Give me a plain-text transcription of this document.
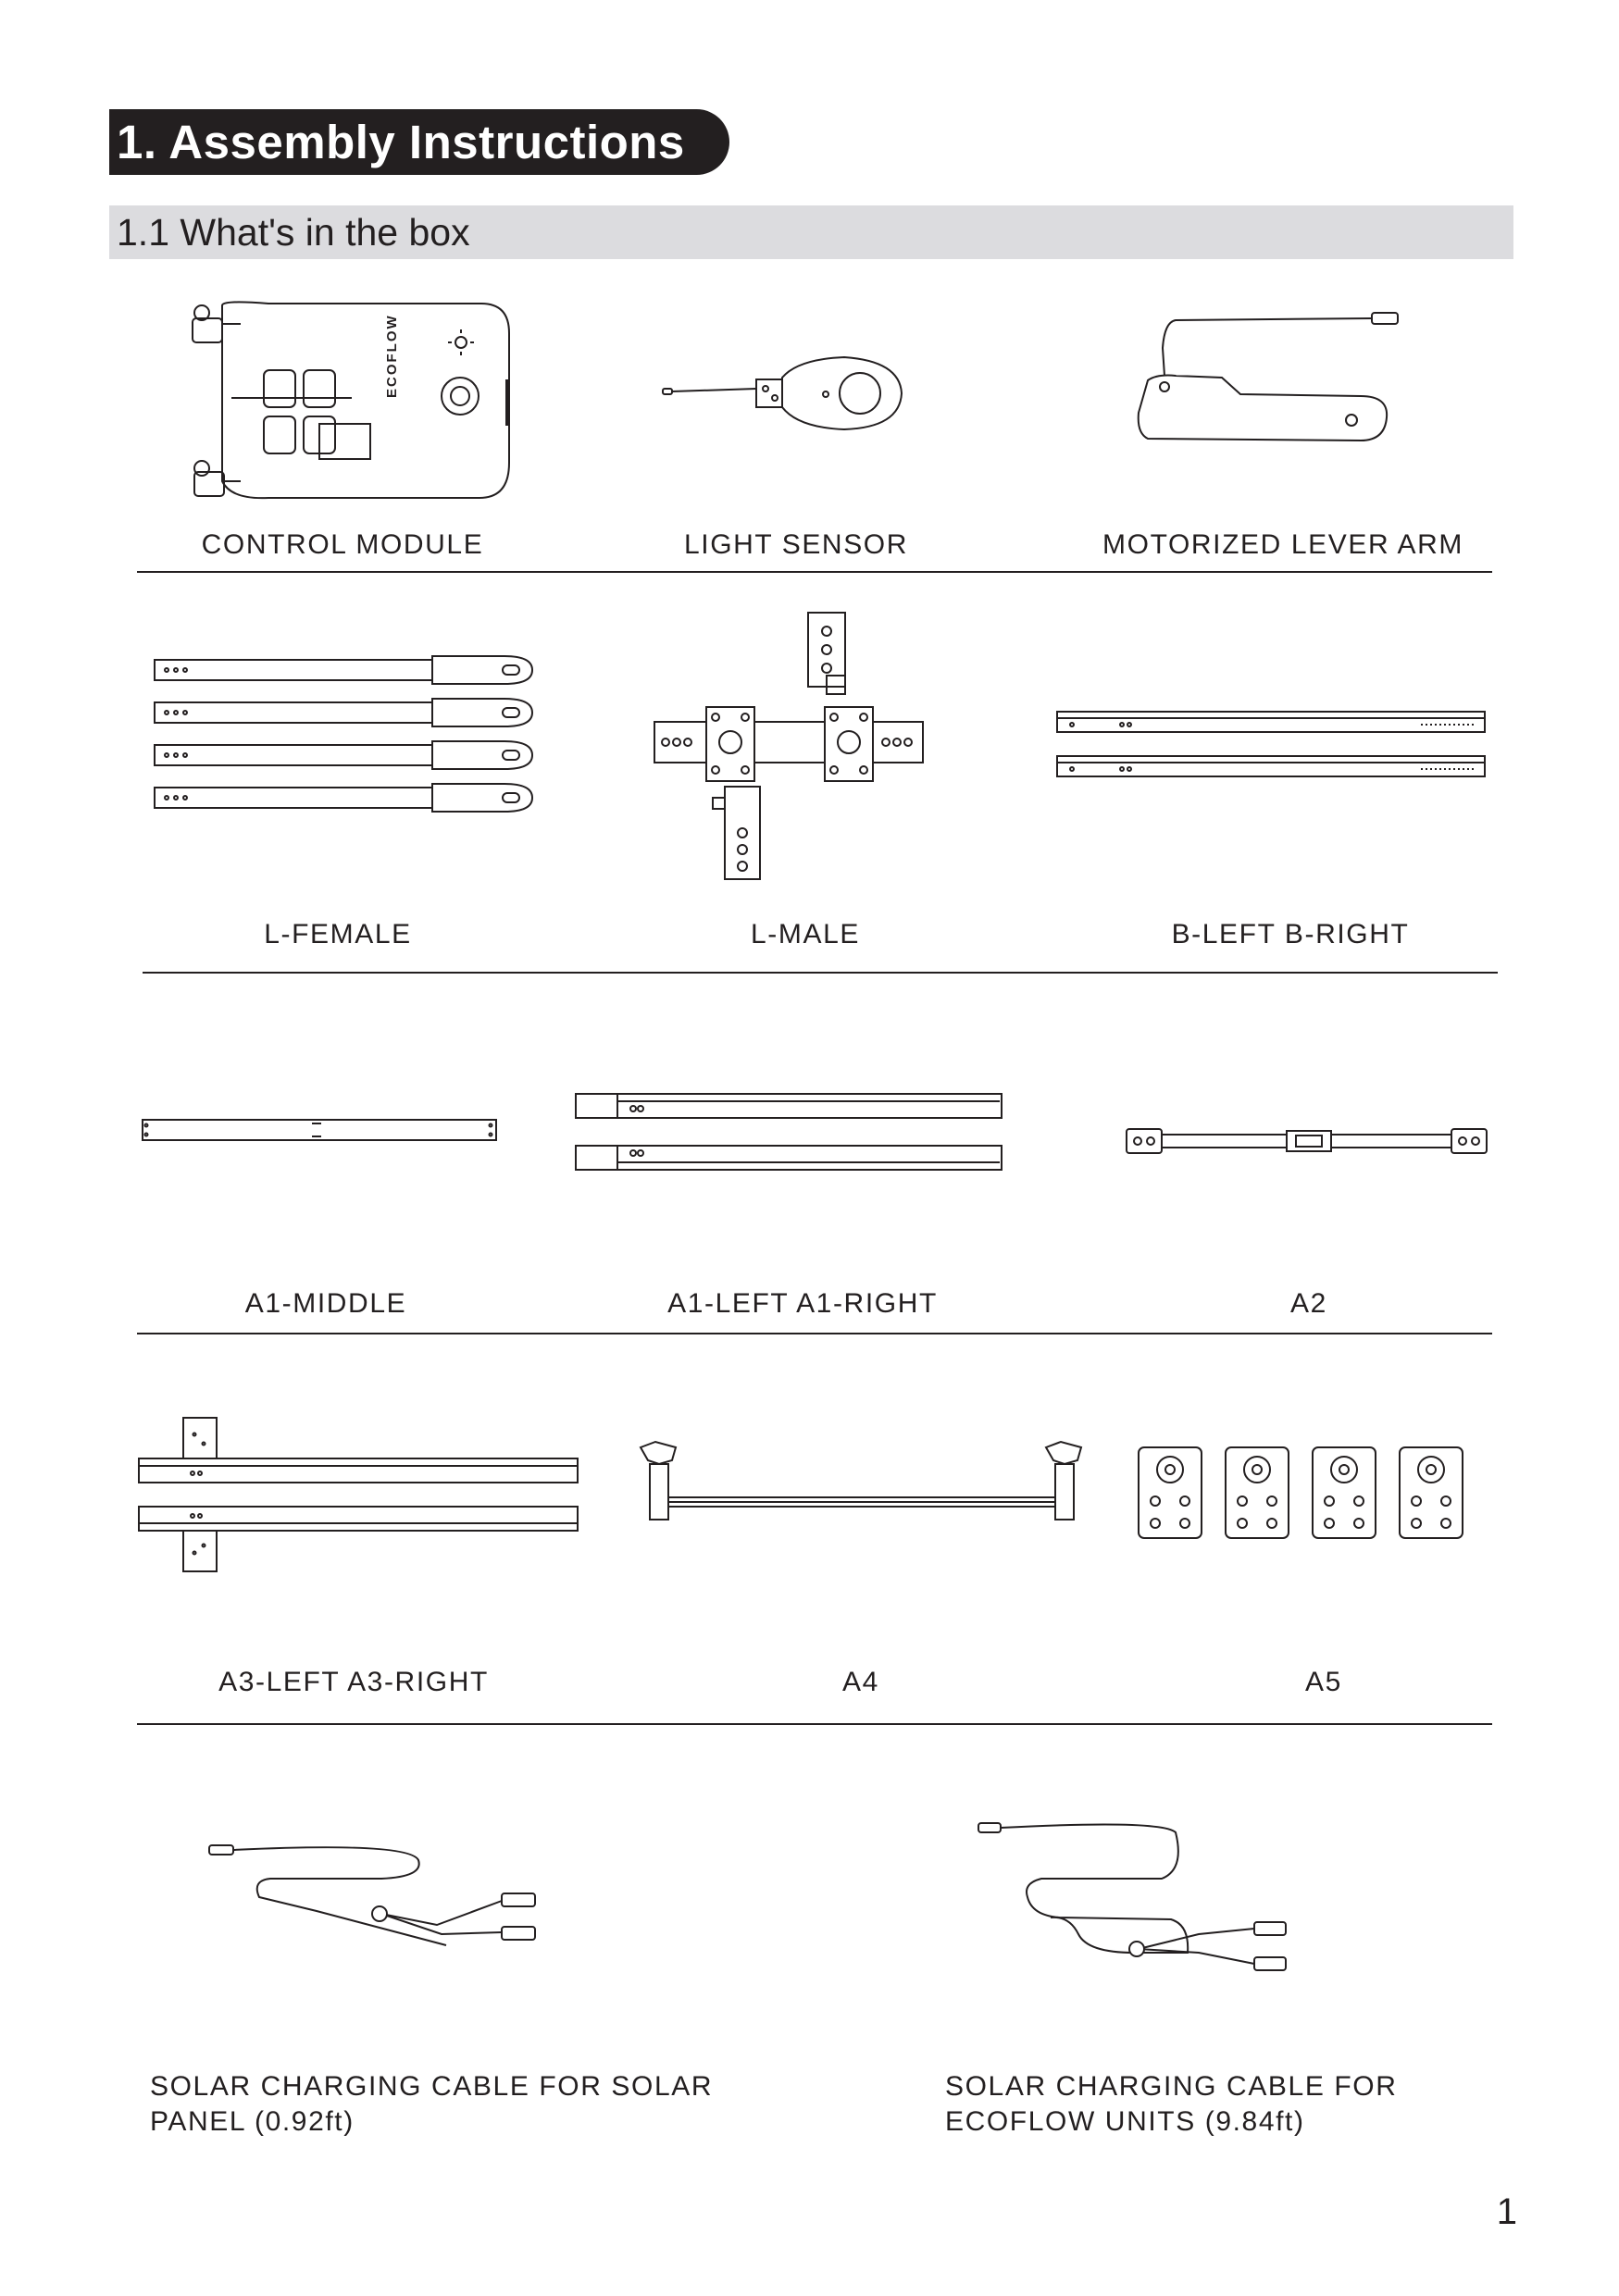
1. Assembly Instructions
1.1 What's in the box
ECOFLOW
CONTROL MODULE	LIGHT SENSOR	MOTORIZED LEVER ARM
L-FEMALE	L-MALE	B-LEFT B-RIGHT
A1-MIDDLE	A1-LEFT A1-RIGHT	A2
A3-LEFT A3-RIGHT	A4	A5
SOLAR CHARGING CABLE FOR SOLAR
PANEL (0.92ft)
SOLAR CHARGING CABLE FOR
ECOFLOW UNITS (9.84ft)
1
